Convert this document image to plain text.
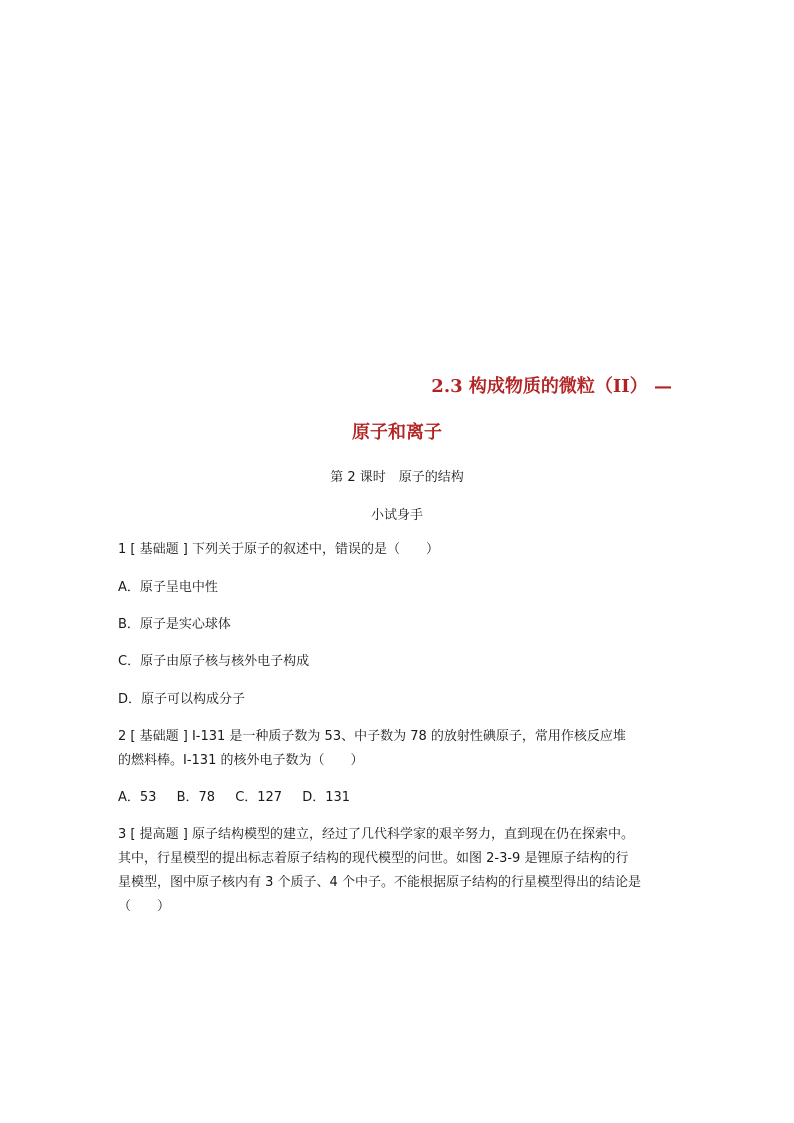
2.3 构成物质的微粒（II） —
原子和离子
第 2 课时　原子的结构
小试身手
1 [ 基础题 ] 下列关于原子的叙述中，错误的是（　　）
A．原子呈电中性
B．原子是实心球体
C．原子由原子核与核外电子构成
D．原子可以构成分子
2 [ 基础题 ] I-131 是一种质子数为 53、中子数为 78 的放射性碘原子，常用作核反应堆
的燃料棒。I-131 的核外电子数为（　　）
A．53 B．78 C．127 D．131
3 [ 提高题 ] 原子结构模型的建立，经过了几代科学家的艰辛努力，直到现在仍在探索中。
其中，行星模型的提出标志着原子结构的现代模型的问世。如图 2-3-9 是锂原子结构的行
星模型，图中原子核内有 3 个质子、4 个中子。不能根据原子结构的行星模型得出的结论是
（　　）
